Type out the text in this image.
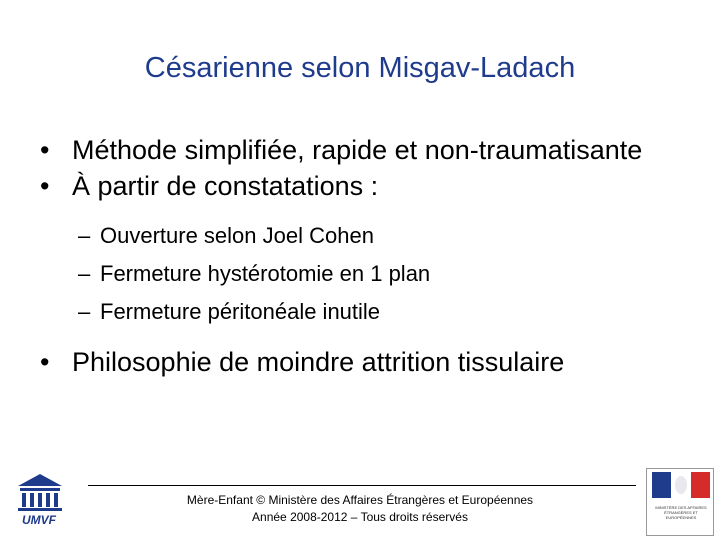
Césarienne selon Misgav-Ladach
• Méthode simplifiée, rapide et non-traumatisante
• À partir de constatations :
– Ouverture selon Joel Cohen
– Fermeture hystérotomie en 1 plan
– Fermeture péritonéale inutile
• Philosophie de moindre attrition tissulaire
Mère-Enfant © Ministère des Affaires Étrangères et Européennes
Année 2008-2012 – Tous droits réservés
UMVF
MINISTÈRE DES AFFAIRES ÉTRANGÈRES ET EUROPÉENNES
